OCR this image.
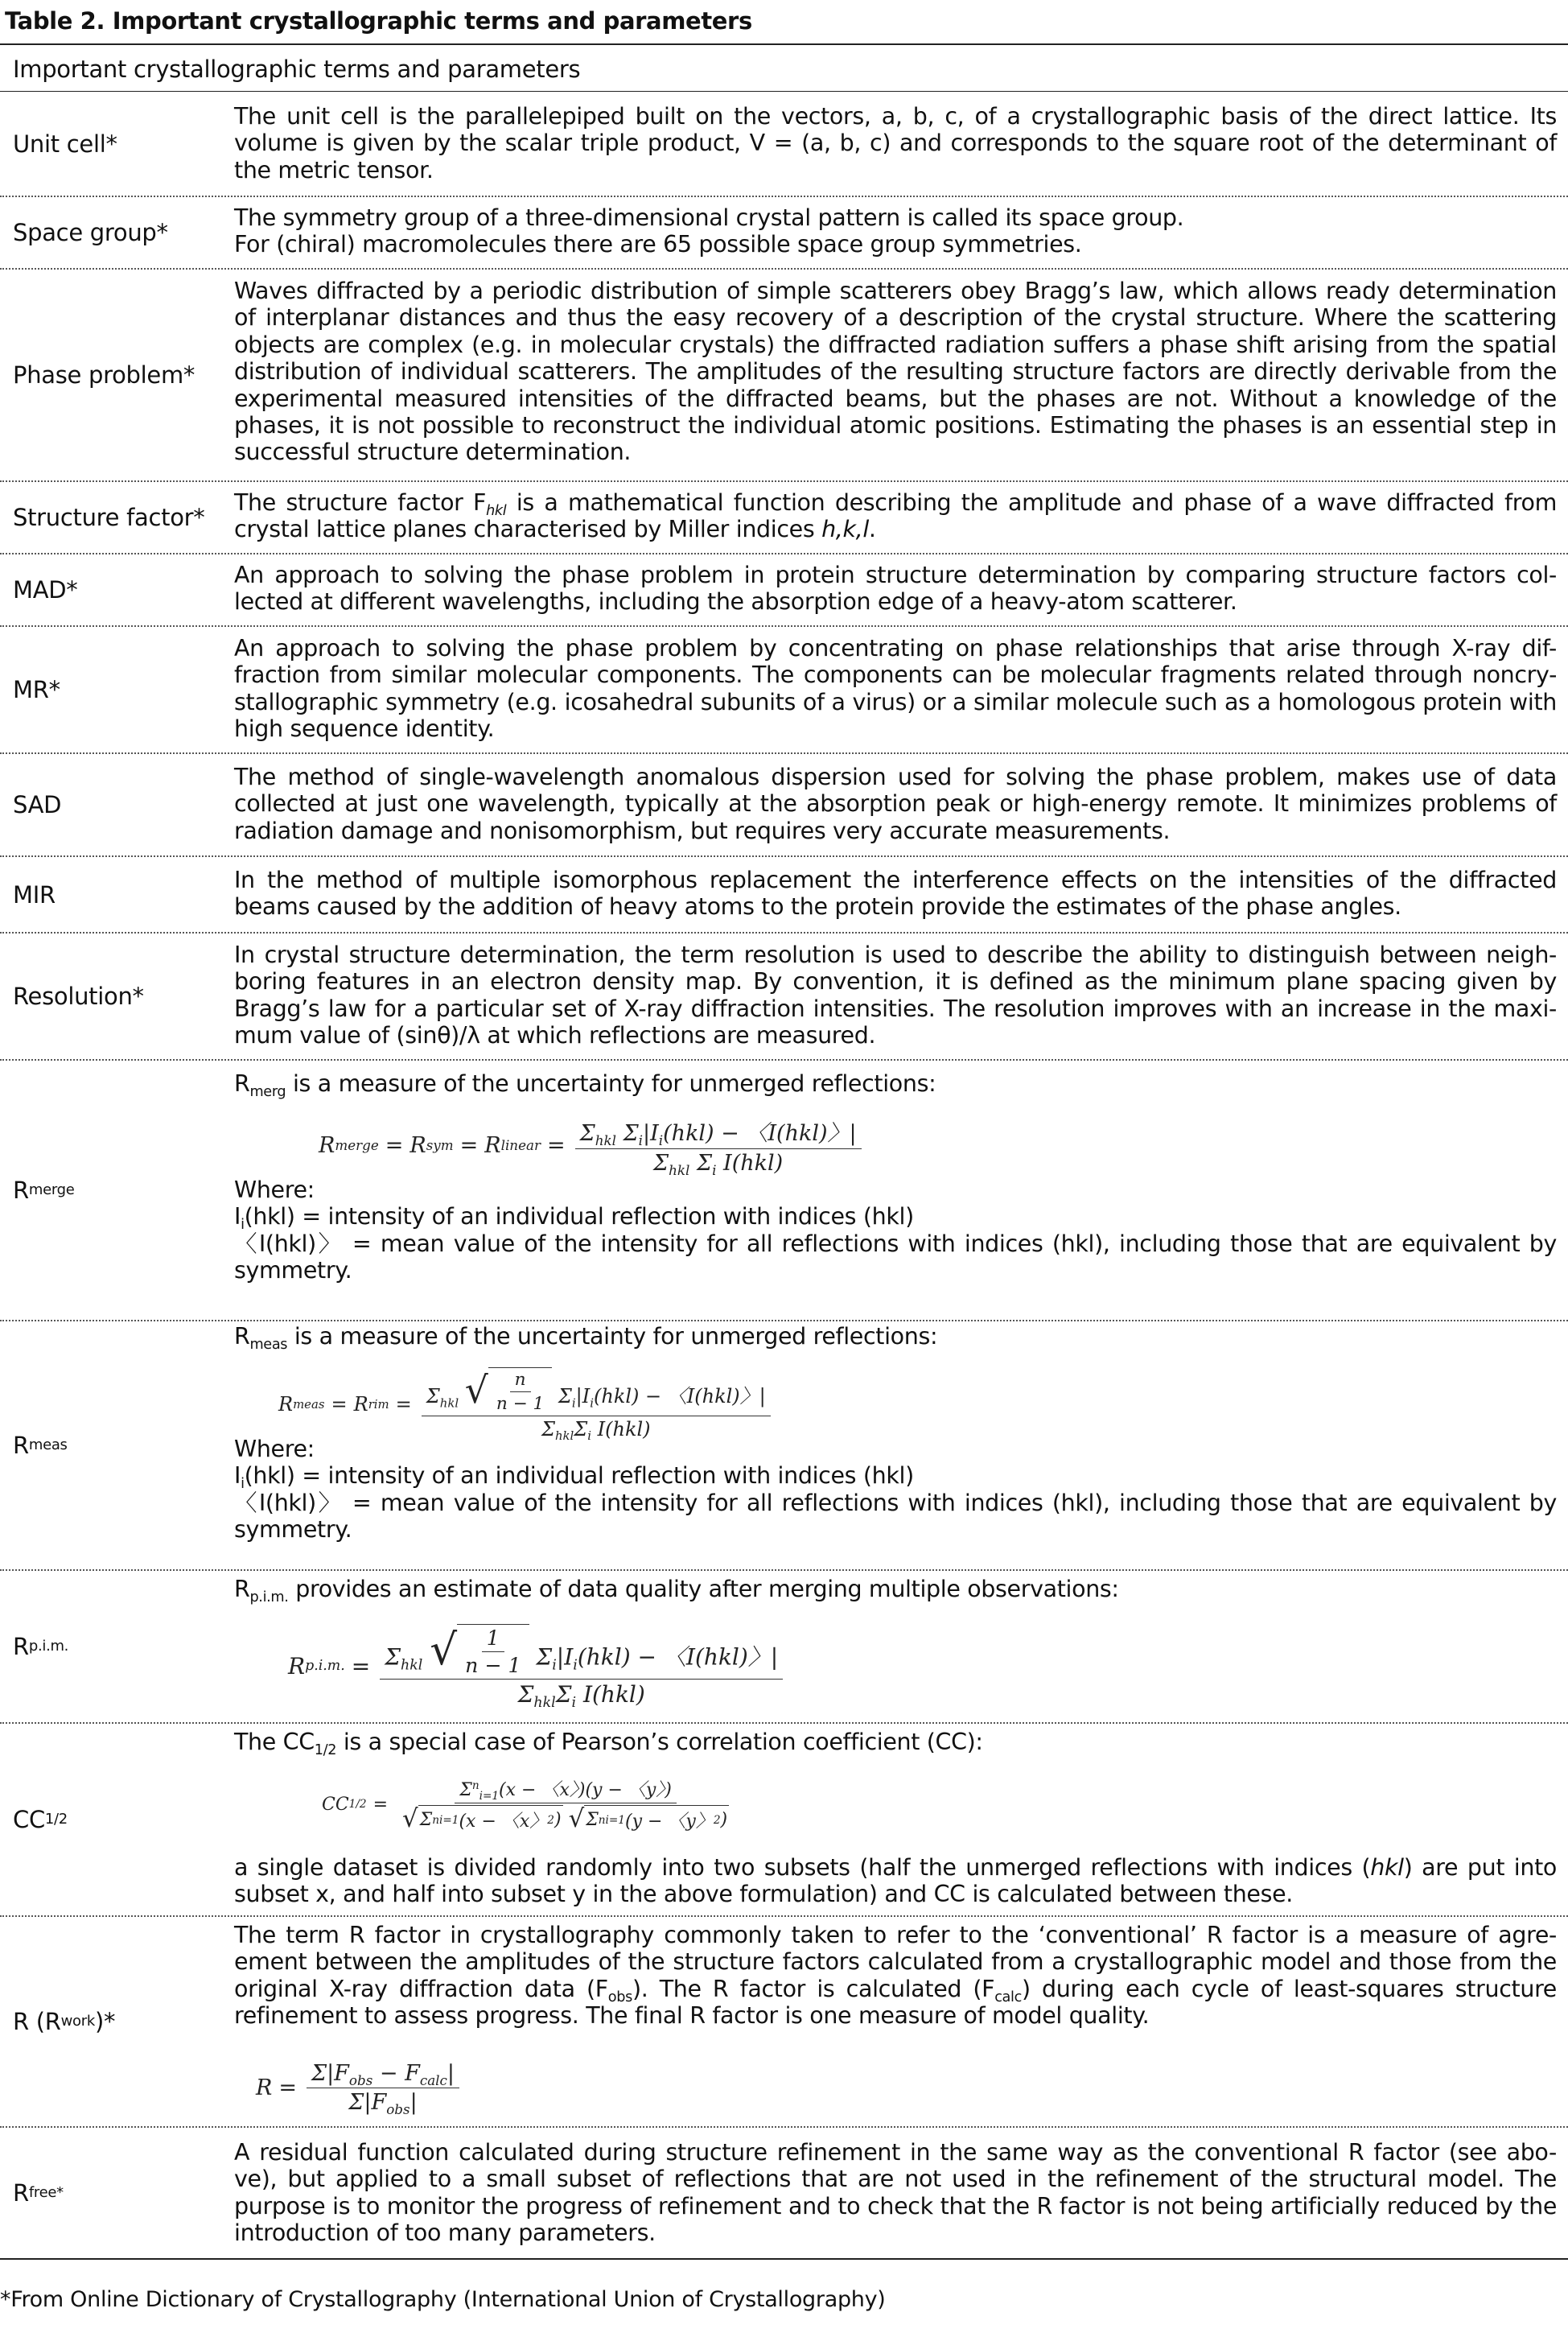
Table 2. Important crystallographic terms and parameters
Important crystallographic terms and parameters
Unit cell*
The unit cell is the parallelepiped built on the vectors, a, b, c, of a crystallographic basis of the direct lattice. Its volume is given by the scalar triple product, V = (a, b, c) and corresponds to the square root of the determinant of the metric tensor.
Space group*
The symmetry group of a three-dimensional crystal pattern is called its space group.
For (chiral) macromolecules there are 65 possible space group symmetries.
Phase problem*
Waves diffracted by a periodic distribution of simple scatterers obey Bragg’s law, which allows ready determination of interplanar distances and thus the easy recovery of a description of the crystal structure. Where the scattering objects are complex (e.g. in molecular crystals) the diffracted radiation suffers a phase shift arising from the spatial distribution of individual scatterers. The amplitudes of the resulting structure factors are directly derivable from the experimental measured intensities of the diffracted beams, but the phases are not. Without a knowledge of the phases, it is not possible to reconstruct the individual atomic positions. Estimating the phases is an essential step in successful structure determination.
Structure factor*
The structure factor $F_{hkl}$ is a mathematical function describing the amplitude and phase of a wave diffracted from crystal lattice planes characterised by Miller indices h,k,l.
MAD*
An approach to solving the phase problem in protein structure determination by comparing structure factors col- lected at different wavelengths, including the absorption edge of a heavy-atom scatterer.
MR*
An approach to solving the phase problem by concentrating on phase relationships that arise through X-ray dif- fraction from similar molecular components. The components can be molecular fragments related through noncry- stallographic symmetry (e.g. icosahedral subunits of a virus) or a similar molecule such as a homologous protein with high sequence identity.
SAD
The method of single-wavelength anomalous dispersion used for solving the phase problem, makes use of data collected at just one wavelength, typically at the absorption peak or high-energy remote. It minimizes problems of radiation damage and nonisomorphism, but requires very accurate measurements.
MIR
In the method of multiple isomorphous replacement the interference effects on the intensities of the diffracted beams caused by the addition of heavy atoms to the protein provide the estimates of the phase angles.
Resolution*
In crystal structure determination, the term resolution is used to describe the ability to distinguish between neigh- boring features in an electron density map. By convention, it is defined as the minimum plane spacing given by Bragg’s law for a particular set of X-ray diffraction intensities. The resolution improves with an increase in the maxi- mum value of (sinθ)/λ at which reflections are measured.
R merge
$R_{merg}$ is a measure of the uncertainty for unmerged reflections:
R merge = R sym = R linear = $\frac{\Sigma_{hkl} \Sigma_i|I_i(hkl) - 〈I(hkl)〉|}{\Sigma_{hkl} \Sigma_i I(hkl)}$
Where:
$I_i(hkl)$ = intensity of an individual reflection with indices (hkl)
〈I(hkl)〉 = mean value of the intensity for all reflections with indices (hkl), including those that are equivalent by symmetry.
R meas
$R_{meas}$ is a measure of the uncertainty for unmerged reflections:
R meas = R rim = $\frac{\Sigma_{hkl} √ \frac{n}{n - 1} \Sigma_i|I_i(hkl) - 〈I(hkl)〉|}{\Sigma_{hkl}\Sigma_i I(hkl)}$
Where:
$I_i(hkl)$ = intensity of an individual reflection with indices (hkl)
〈I(hkl)〉 = mean value of the intensity for all reflections with indices (hkl), including those that are equivalent by symmetry.
R p.i.m.
$R_{p.i.m.}$ provides an estimate of data quality after merging multiple observations:
R p.i.m. = $\frac{\Sigma_{hkl} √ \frac{1}{n - 1} \Sigma_i|I_i(hkl) - 〈I(hkl)〉|}{\Sigma_{hkl}\Sigma_i I(hkl)}$
CC 1/2
The $CC_{1/2}$ is a special case of Pearson’s correlation coefficient (CC):
CC $1/2 = \Sigma^n_{i=1}(x$ − 〈x〉)(y − 〈y〉)
√ Σ n i=1 (x − 〈x〉 2 )
√ Σ n i=1 (y − 〈y〉 2 )
a single dataset is divided randomly into two subsets (half the unmerged reflections with indices (hkl) are put into subset x, and half into subset y in the above formulation) and CC is calculated between these.
R (R work )*
The term R factor in crystallography commonly taken to refer to the ‘conventional’ R factor is a measure of agre- ement between the amplitudes of the structure factors calculated from a crystallographic model and those from the original X-ray diffraction data $(F_{obs})$. The R factor is calculated $(F_{calc})$ during each cycle of least-squares structure refinement to assess progress. The final R factor is one measure of model quality.
$R = \frac{\Sigma|F_{obs} - F_{calc}|}{\Sigma|F_{obs}|}$
R free *
A residual function calculated during structure refinement in the same way as the conventional R factor (see abo- ve), but applied to a small subset of reflections that are not used in the refinement of the structural model. The purpose is to monitor the progress of refinement and to check that the R factor is not being artificially reduced by the introduction of too many parameters.
*From Online Dictionary of Crystallography (International Union of Crystallography)
